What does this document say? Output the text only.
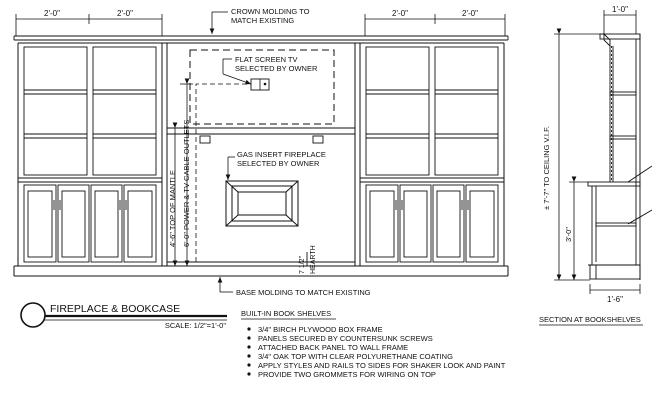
2'-0"	2'-0"	2'-0"	2'-0"
4'-6" TOP OF MANTLE 6'-0" POWER & TV CABLE OUTLETS
7 1/2" HEARTH
CROWN MOLDING TO
MATCH EXISTING
FLAT SCREEN TV
SELECTED BY OWNER
GAS INSERT FIREPLACE
SELECTED BY OWNER
BASE MOLDING TO MATCH EXISTING
1'-0"
± 7'-7" TO CEILING V.I.F.
3'-0"
1'-6"
SECTION AT BOOKSHELVES
FIREPLACE & BOOKCASE
SCALE: 1/2"=1'-0"
BUILT-IN BOOK SHELVES
3/4" BIRCH PLYWOOD BOX FRAME
PANELS SECURED BY COUNTERSUNK SCREWS
ATTACHED BACK PANEL TO WALL FRAME
3/4" OAK TOP WITH CLEAR POLYURETHANE COATING
APPLY STYLES AND RAILS TO SIDES FOR SHAKER LOOK AND PAINT
PROVIDE TWO GROMMETS FOR WIRING ON TOP
